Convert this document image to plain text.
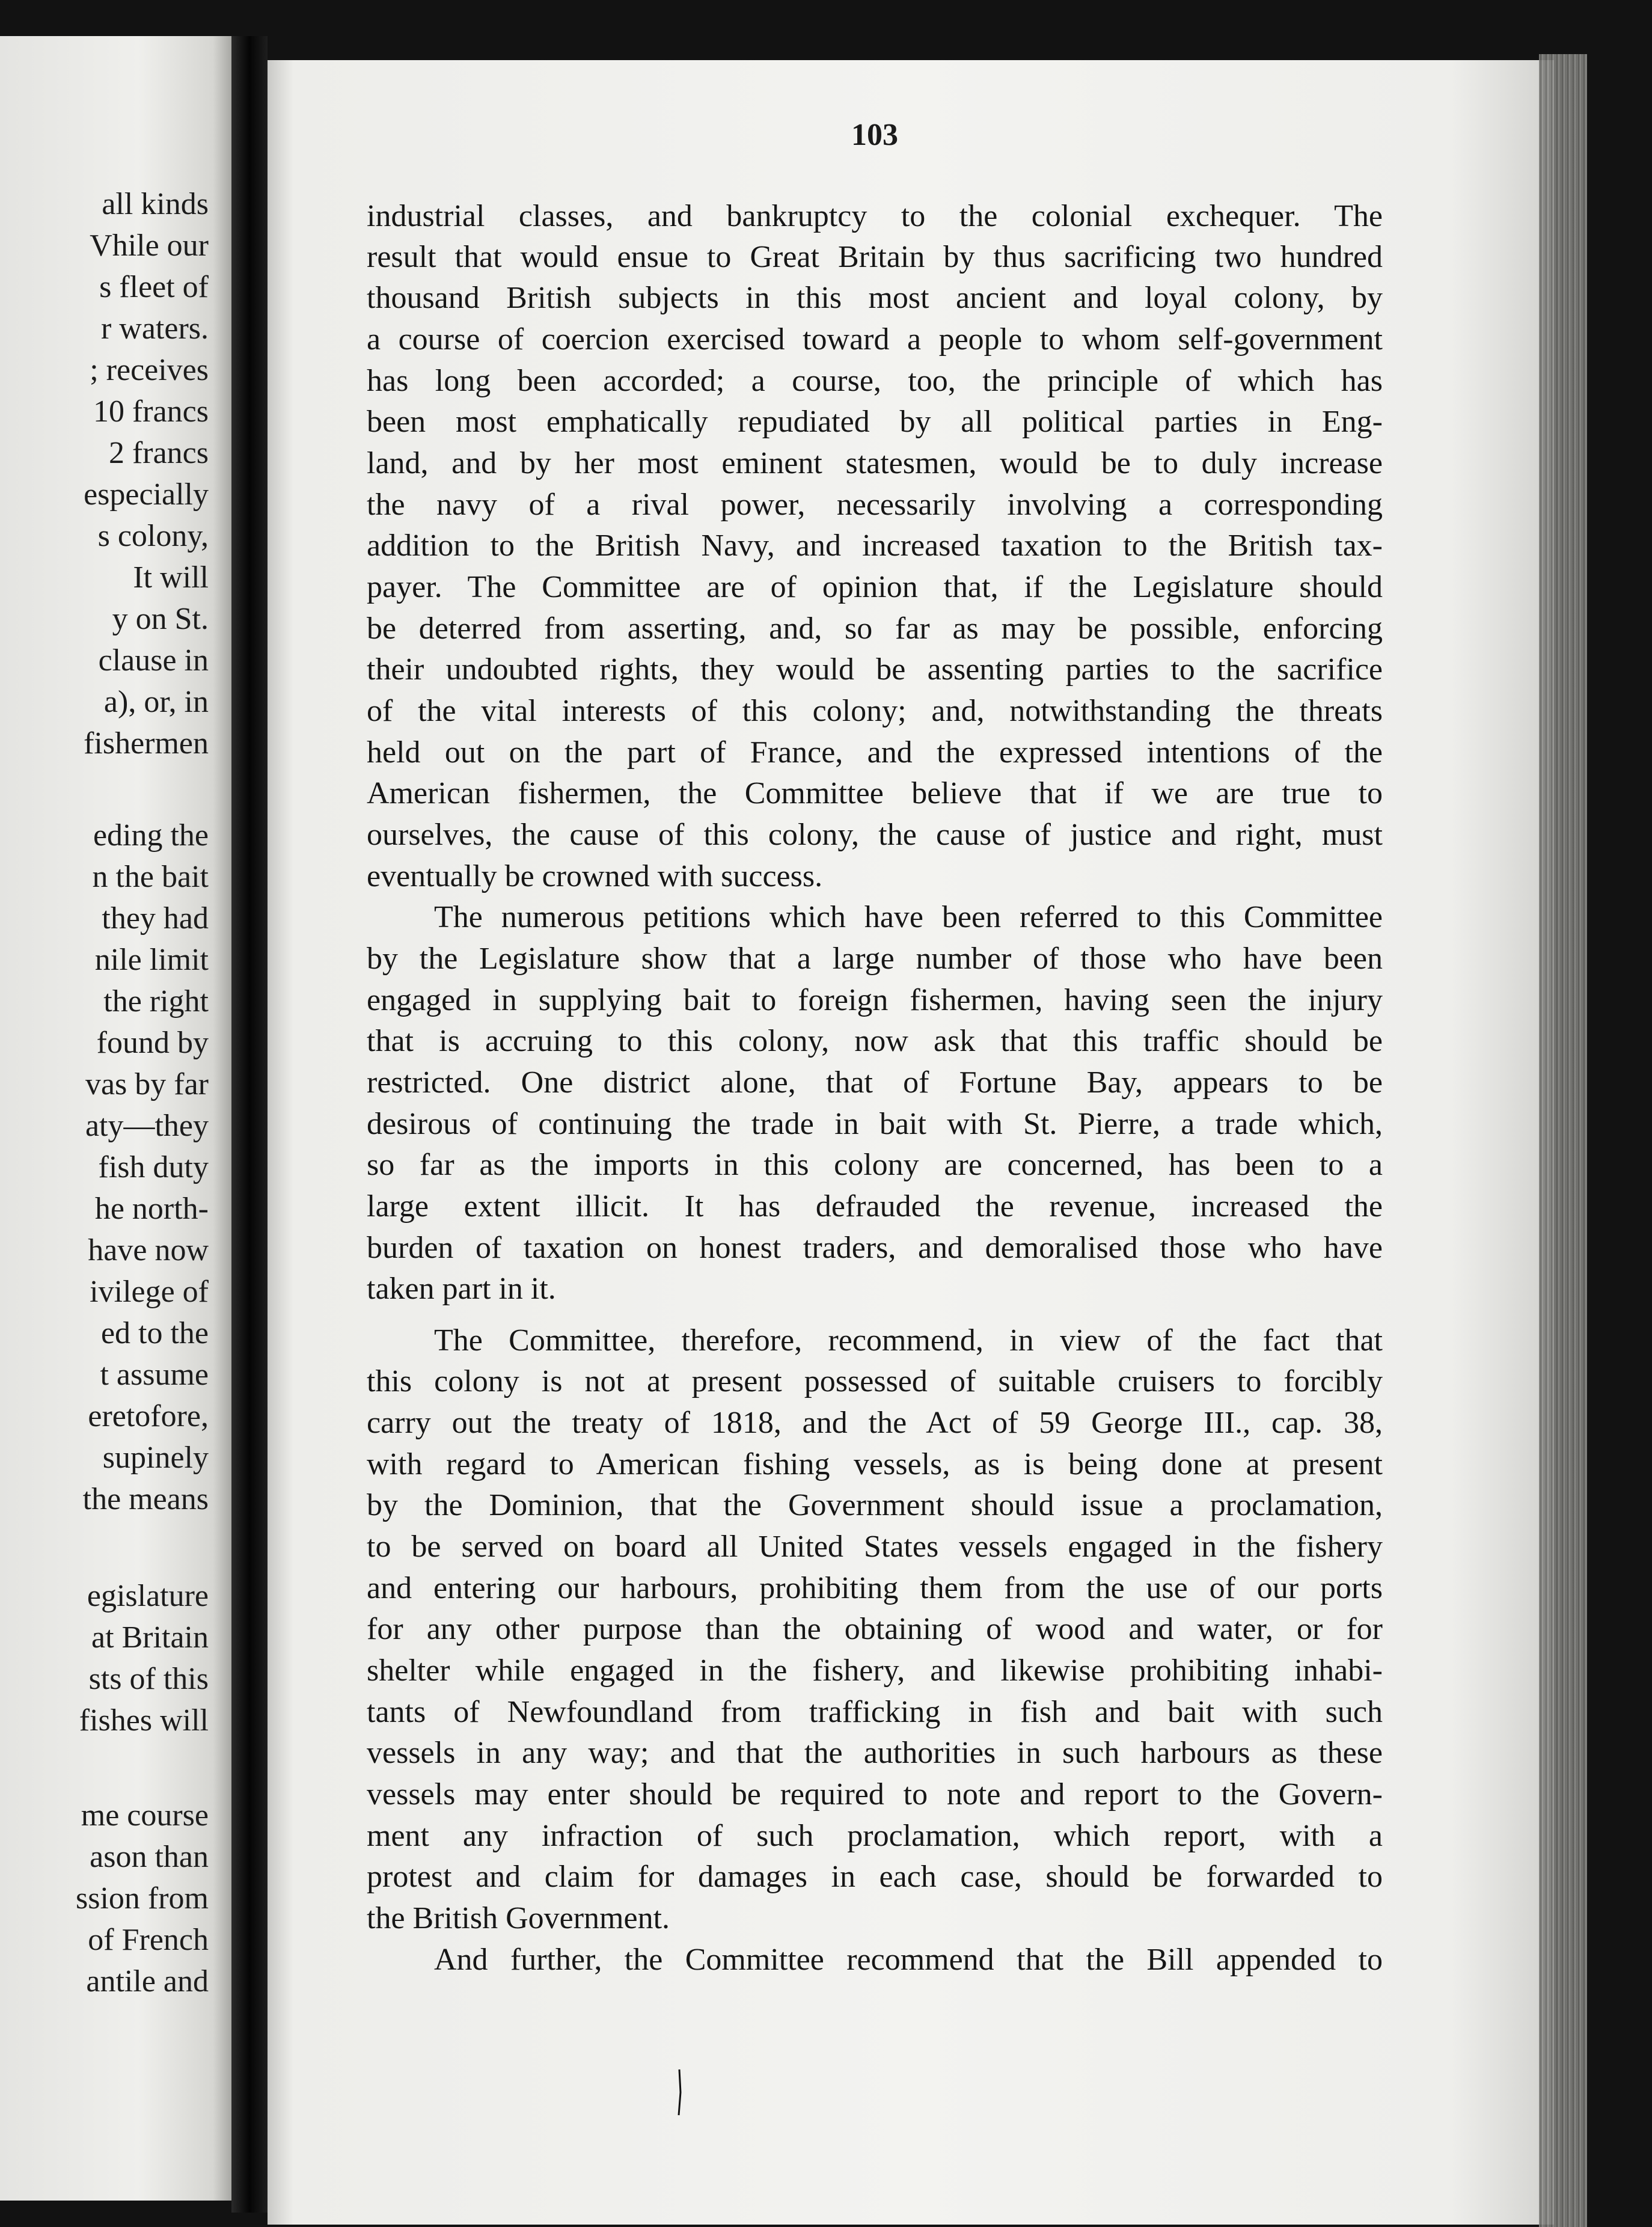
all kinds
Vhile our
s fleet of
r waters.
; receives
10 francs
2 francs
especially
s colony,
It will
y on St.
clause in
a), or, in
fishermen
eding the
n the bait
they had
nile limit
the right
found by
vas by far
aty—they
fish duty
he north-
have now
ivilege of
ed to the
t assume
eretofore,
supinely
the means
egislature
at Britain
sts of this
fishes will
me course
ason than
ssion from
of French
antile and
103
industrial classes, and bankruptcy to the colonial exchequer. The
result that would ensue to Great Britain by thus sacrificing two hundred
thousand British subjects in this most ancient and loyal colony, by
a course of coercion exercised toward a people to whom self-government
has long been accorded; a course, too, the principle of which has
been most emphatically repudiated by all political parties in Eng-
land, and by her most eminent statesmen, would be to duly increase
the navy of a rival power, necessarily involving a corresponding
addition to the British Navy, and increased taxation to the British tax-
payer. The Committee are of opinion that, if the Legislature should
be deterred from asserting, and, so far as may be possible, enforcing
their undoubted rights, they would be assenting parties to the sacrifice
of the vital interests of this colony; and, notwithstanding the threats
held out on the part of France, and the expressed intentions of the
American fishermen, the Committee believe that if we are true to
ourselves, the cause of this colony, the cause of justice and right, must
eventually be crowned with success.
The numerous petitions which have been referred to this Committee
by the Legislature show that a large number of those who have been
engaged in supplying bait to foreign fishermen, having seen the injury
that is accruing to this colony, now ask that this traffic should be
restricted. One district alone, that of Fortune Bay, appears to be
desirous of continuing the trade in bait with St. Pierre, a trade which,
so far as the imports in this colony are concerned, has been to a
large extent illicit. It has defrauded the revenue, increased the
burden of taxation on honest traders, and demoralised those who have
taken part in it.
The Committee, therefore, recommend, in view of the fact that
this colony is not at present possessed of suitable cruisers to forcibly
carry out the treaty of 1818, and the Act of 59 George III., cap. 38,
with regard to American fishing vessels, as is being done at present
by the Dominion, that the Government should issue a proclamation,
to be served on board all United States vessels engaged in the fishery
and entering our harbours, prohibiting them from the use of our ports
for any other purpose than the obtaining of wood and water, or for
shelter while engaged in the fishery, and likewise prohibiting inhabi-
tants of Newfoundland from trafficking in fish and bait with such
vessels in any way; and that the authorities in such harbours as these
vessels may enter should be required to note and report to the Govern-
ment any infraction of such proclamation, which report, with a
protest and claim for damages in each case, should be forwarded to
the British Government.
And further, the Committee recommend that the Bill appended to
